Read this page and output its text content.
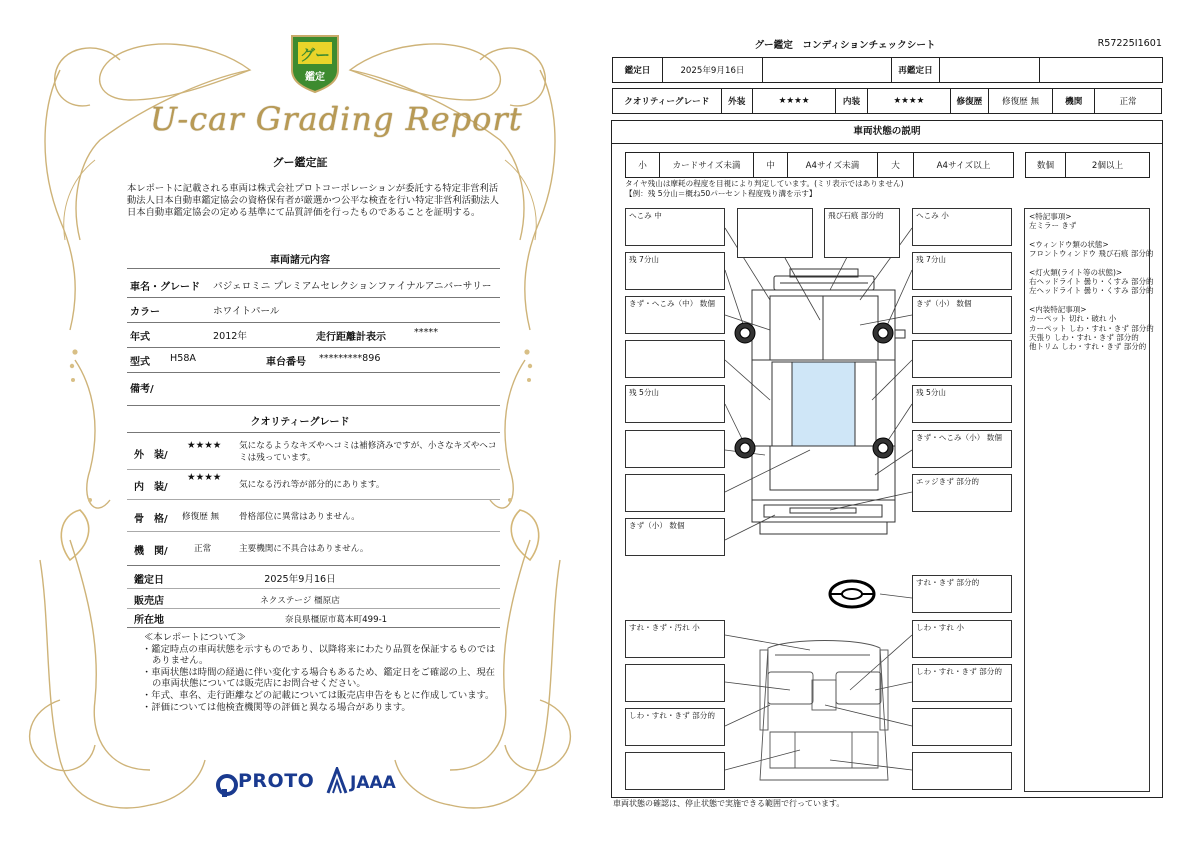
グー
鑑定
U-car Grading Report
グー鑑定証
本レポートに記載される車両は株式会社プロトコーポレーションが委託する特定非営利活動法人日本自動車鑑定協会の資格保有者が厳選かつ公平な検査を行い特定非営利活動法人日本自動車鑑定協会の定める基準にて品質評価を行ったものであることを証明する。
車両諸元内容
車名・グレード パジェロミニ プレミアムセレクションファイナルアニバーサリー
カラー	ホワイトパール
年式	2012年	走行距離計表示	*****
型式 H58A	車台番号 *********896
備考/
クオリティーグレード
外　装/
★★★★ 気になるようなキズやヘコミは補修済みですが、小さなキズやヘコミは残っています。
内　装/
★★★★
気になる汚れ等が部分的にあります。
骨　格/ 修復歴 無 骨格部位に異常はありません。
機　関/	正常	主要機関に不具合はありません。
鑑定日	2025年9月16日
販売店	ネクステージ 橿原店
所在地	奈良県橿原市葛本町499-1
≪本レポートについて≫
・鑑定時点の車両状態を示すものであり、以降将来にわたり品質を保証するものではありません。
・車両状態は時間の経過に伴い変化する場合もあるため、鑑定日をご確認の上、現在の車両状態については販売店にお問合せください。
・年式、車名、走行距離などの記載については販売店申告をもとに作成しています。
・評価については他検査機関等の評価と異なる場合があります。
PROTO JAAA
グー鑑定　コンディションチェックシート	R57225I1601
鑑定日	2025年9月16日		再鑑定日		
クオリティーグレード	外装	★★★★	内装	★★★★	修復歴	修復歴 無	機関	正常
車両状態の説明
小	カードサイズ未満	中	A4サイズ未満	大	A4サイズ以上	数個	2個以上
タイヤ残山は摩耗の程度を目視により判定しています。(ミリ表示ではありません)
【例：残 5分山＝概ね50パーセント程度残り溝を示す】
へこみ 中
残 7分山
きず・へこみ（中） 数個
残 5分山
きず（小） 数個
飛び石痕 部分的	へこみ 小
残 7分山
きず（小） 数個
残 5分山
きず・へこみ（小） 数個
エッジきず 部分的
すれ・きず 部分的
すれ・きず・汚れ 小
しわ・すれ・きず 部分的
しわ・すれ 小
しわ・すれ・きず 部分的
<特記事項>
左ミラー きず
<ウィンドウ類の状態>
フロントウィンドウ 飛び石痕 部分的
<灯火類(ライト等の状態)>
右ヘッドライト 曇り・くすみ 部分的
左ヘッドライト 曇り・くすみ 部分的
<内装特記事項>
カーペット 切れ・破れ 小
カーペット しわ・すれ・きず 部分的
天張り しわ・すれ・きず 部分的
他トリム しわ・すれ・きず 部分的
車両状態の確認は、停止状態で実施できる範囲で行っています。
